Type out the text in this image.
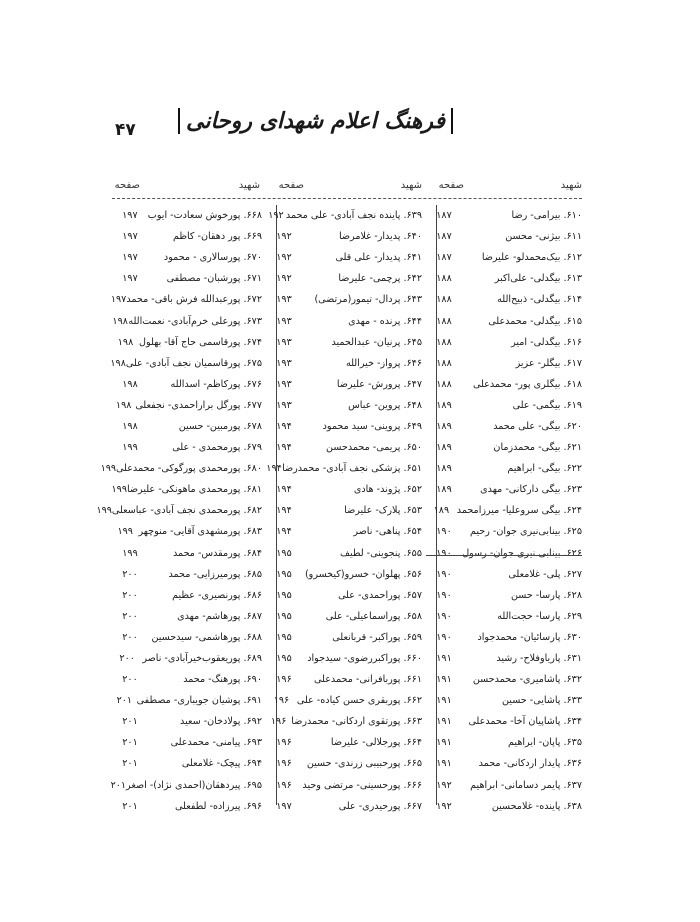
۴۷ فرهنگ اعلام شهدای روحانی
شهید
صفحه
شهید
صفحه
شهید
صفحه
۶۱۰. بیرامی- رضا
۱۸۷
۶۱۱. بیژنی- محسن
۱۸۷
۶۱۲. بیک‌محمدلو- علیرضا
۱۸۷
۶۱۳. بیگدلی- علی‌اکبر
۱۸۸
۶۱۴. بیگدلی- ذبیح‌الله
۱۸۸
۶۱۵. بیگدلی- محمدعلی
۱۸۸
۶۱۶. بیگدلی- امیر
۱۸۸
۶۱۷. بیگلر- عزیز
۱۸۸
۶۱۸. بیگلری پور- محمدعلی
۱۸۸
۶۱۹. بیگمی- علی
۱۸۹
۶۲۰. بیگی- علی محمد
۱۸۹
۶۲۱. بیگی- محمدزمان
۱۸۹
۶۲۲. بیگی- ابراهیم
۱۸۹
۶۲۳. بیگی دارکانی- مهدی
۱۸۹
۶۲۴. بیگی سروعلیا- میرزامحمد
۱۸۹
۶۲۵. بینابی‌نیری جوان- رحیم
۱۹۰
۶۲۶. بینابی نیری جوان- رسول
۱۹۰
۶۲۷. پلی- غلامعلی
۱۹۰
۶۲۸. پارسا- حسن
۱۹۰
۶۲۹. پارسا- حجت‌الله
۱۹۰
۶۳۰. پارسائیان- محمدجواد
۱۹۰
۶۳۱. پاریاوفلاح- رشید
۱۹۱
۶۳۲. پاشامیری- محمدحسن
۱۹۱
۶۳۳. پاشایی- حسین
۱۹۱
۶۳۴. پاشاپیان آخا- محمدعلی
۱۹۱
۶۳۵. پاپان- ابراهیم
۱۹۱
۶۳۶. پایدار اردکانی- محمد
۱۹۱
۶۳۷. پایمر دسامانی- ابراهیم
۱۹۲
۶۳۸. پاینده- غلامحسین
۱۹۲
۶۳۹. پاینده نجف آبادی- علی محمد
۱۹۲
۶۴۰. پدیدار- غلامرضا
۱۹۲
۶۴۱. پدیدار- علی قلی
۱۹۲
۶۴۲. پرچمی- علیرضا
۱۹۲
۶۴۳. پردال- تیمور(مرتضی)
۱۹۳
۶۴۴. پرنده - مهدی
۱۹۳
۶۴۵. پرنیان- عبدالحمید
۱۹۳
۶۴۶. پرواز- خیرالله
۱۹۳
۶۴۷. پرورش- علیرضا
۱۹۳
۶۴۸. پروین- عباس
۱۹۳
۶۴۹. پروینی- سید محمود
۱۹۴
۶۵۰. پریمی- محمدحسن
۱۹۴
۶۵۱. پزشکی نجف آبادی- محمدرضا
۱۹۴
۶۵۲. پژوند- هادی
۱۹۴
۶۵۳. پلارک- علیرضا
۱۹۴
۶۵۴. پناهی- ناصر
۱۹۴
۶۵۵. پنجوینی- لطیف
۱۹۵
۶۵۶. پهلوان- خسرو(کیخسرو)
۱۹۵
۶۵۷. پوراحمدی- علی
۱۹۵
۶۵۸. پوراسماعیلی- علی
۱۹۵
۶۵۹. پوراکبر- قربانعلی
۱۹۵
۶۶۰. پوراکبررضوی- سیدجواد
۱۹۵
۶۶۱. پوربافرانی- محمدعلی
۱۹۶
۶۶۲. پوربقری حسن کیاده- علی
۱۹۶
۶۶۳. پورتقوی اردکانی- محمدرضا
۱۹۶
۶۶۴. پورجلالی- علیرضا
۱۹۶
۶۶۵. پورحبیبی زرندی- حسین
۱۹۶
۶۶۶. پورحسینی- مرتضی وحید
۱۹۶
۶۶۷. پورحیدری- علی
۱۹۷
۶۶۸. پورخوش سعادت- ایوب
۱۹۷
۶۶۹. پور دهقان- کاظم
۱۹۷
۶۷۰. پورسالاری - محمود
۱۹۷
۶۷۱. پورشبان- مصطفی
۱۹۷
۶۷۲. پورعبدالله فرش باقی- محمد
۱۹۷
۶۷۳. پورعلی خرم‌آبادی- نعمت‌الله
۱۹۸
۶۷۴. پورقاسمی حاج آقا- بهلول
۱۹۸
۶۷۵. پورقاسمیان نجف آبادی- علی
۱۹۸
۶۷۶. پورکاظم- اسدالله
۱۹۸
۶۷۷. پورگل براراحمدی- نجفعلی
۱۹۸
۶۷۸. پورمبین- حسین
۱۹۸
۶۷۹. پورمحمدی - علی
۱۹۹
۶۸۰. پورمحمدی پورگوکی- محمدعلی
۱۹۹
۶۸۱. پورمحمدی ماهونکی- علیرضا
۱۹۹
۶۸۲. پورمحمدی نجف آبادی- عباسعلی
۱۹۹
۶۸۳. پورمشهدی آقایی- منوچهر
۱۹۹
۶۸۴. پورمقدس- محمد
۱۹۹
۶۸۵. پورمیرزایی- محمد
۲۰۰
۶۸۶. پورنصیری- عظیم
۲۰۰
۶۸۷. پورهاشم- مهدی
۲۰۰
۶۸۸. پورهاشمی- سیدحسین
۲۰۰
۶۸۹. پوریعقوب‌خیرآبادی- ناصر
۲۰۰
۶۹۰. پورهنگ- محمد
۲۰۰
۶۹۱. پوشیان جویباری- مصطفی
۲۰۱
۶۹۲. پولادخان- سعید
۲۰۱
۶۹۳. پیامنی- محمدعلی
۲۰۱
۶۹۴. پیچک- غلامعلی
۲۰۱
۶۹۵. پیردهقان(احمدی نژاد)- اصغر
۲۰۱
۶۹۶. پیرزاده- لطفعلی
۲۰۱
